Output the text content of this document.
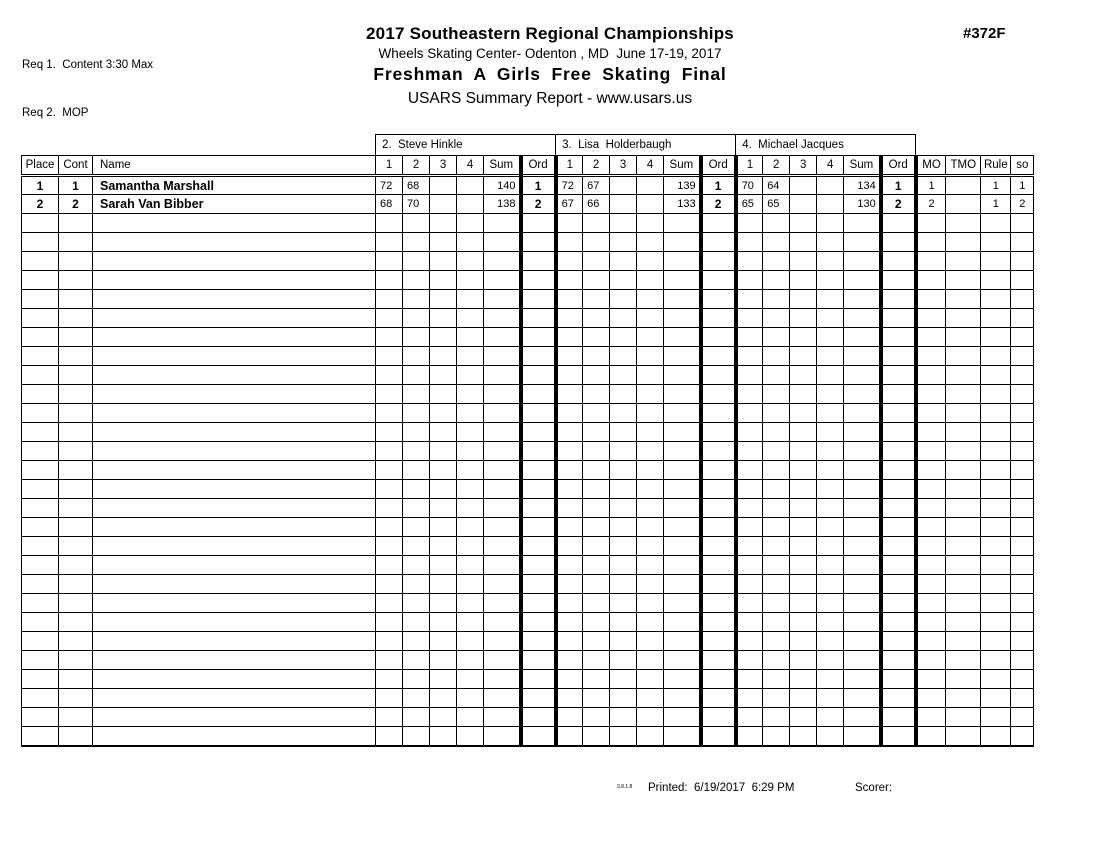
Req 1.  Content 3:30 Max

Req 2.  MOP

2017 Southeastern Regional Championships
Wheels Skating Center- Odenton , MD  June 17-19, 2017
Freshman A Girls Free Skating Final
USARS Summary Report - www.usars.us
#372F
			2.  Steve Hinkle						3.  Lisa  Holderbaugh						4.  Michael Jacques									
Place	Cont	Name	1	2	3	4	Sum	Ord	1	2	3	4	Sum	Ord	1	2	3	4	Sum	Ord	MO	TMO	Rule	so
1	1	Samantha Marshall	72	68			140	1	72	67			139	1	70	64			134	1	1		1	1
2	2	Sarah Van Bibber	68	70			138	2	67	66			133	2	65	65			130	2	2		1	2

3.8.1.8 Printed:  6/19/2017  6:29 PM	Scorer:
